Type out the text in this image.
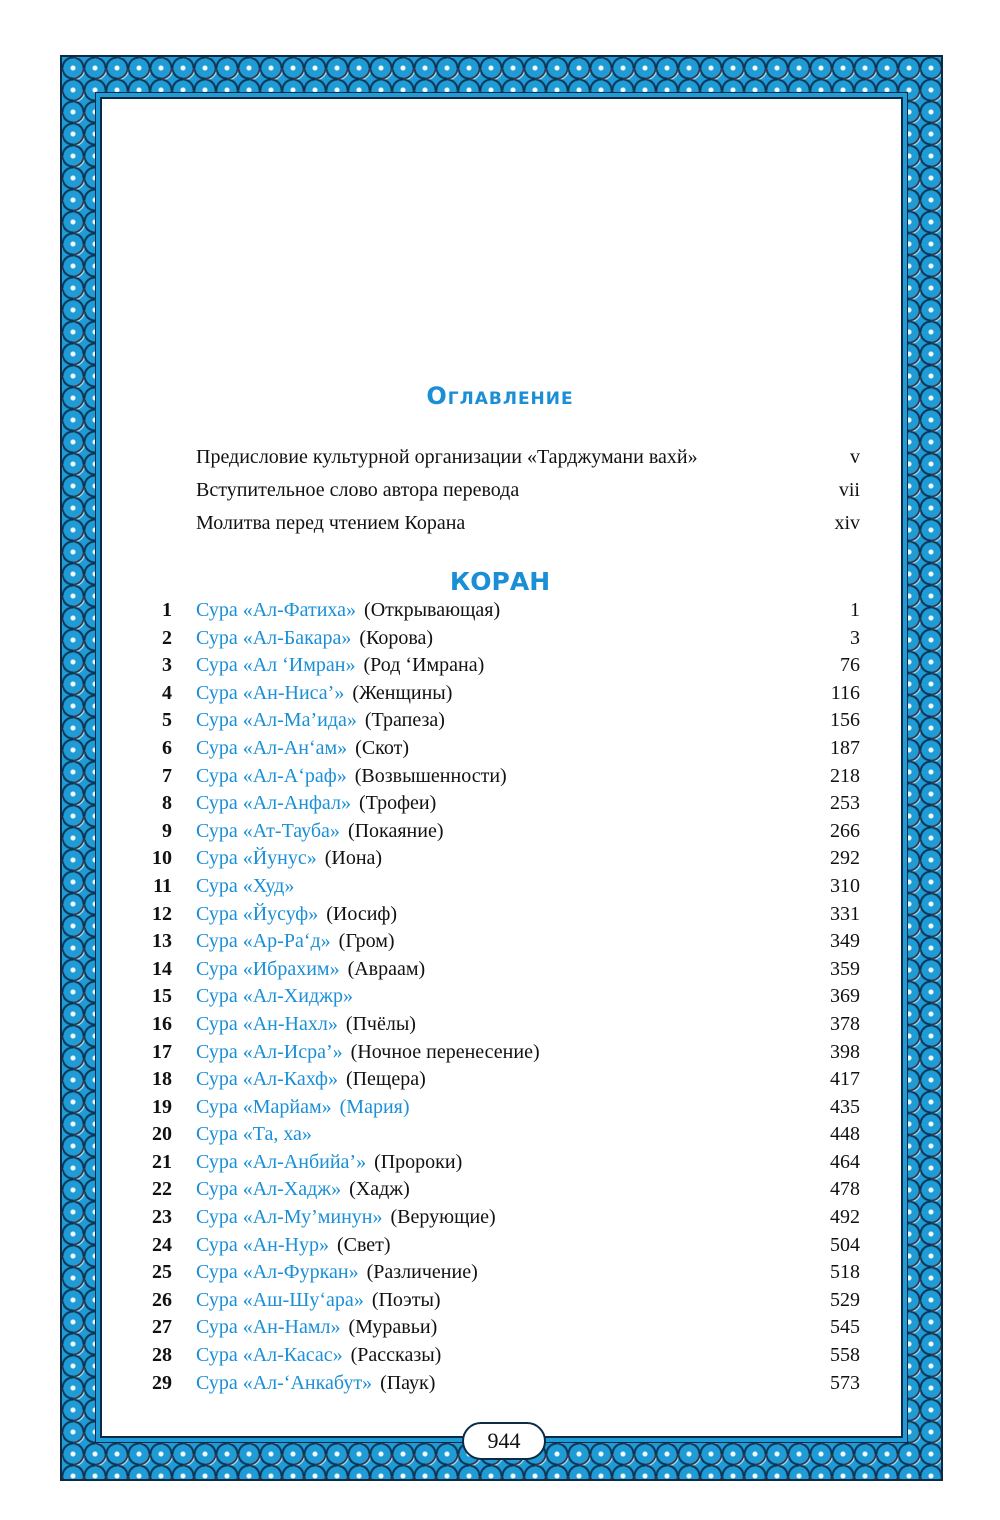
Оглавление
Предисловие культурной организации «Тарджумани вахй»	v
Вступительное слово автора перевода	vii
Молитва перед чтением Корана	xiv
КОРАН
1 Сура «Ал-Фатиха» (Открывающая)	1
2 Сура «Ал-Бакара» (Корова)	3
3 Сура «Ал ‘Имран» (Род ‘Имрана)	76
4 Сура «Ан-Ниса’» (Женщины)	116
5 Сура «Ал-Ма’ида» (Трапеза)	156
6 Сура «Ал-Ан‘ам» (Скот)	187
7 Сура «Ал-А‘раф» (Возвышенности)	218
8 Сура «Ал-Анфал» (Трофеи)	253
9 Сура «Ат-Тауба» (Покаяние)	266
10 Сура «Йунус» (Иона)	292
11 Сура «Худ»	310
12 Сура «Йусуф» (Иосиф)	331
13 Сура «Ар-Ра‘д» (Гром)	349
14 Сура «Ибрахим» (Авраам)	359
15 Сура «Ал-Хиджр»	369
16 Сура «Ан-Нахл» (Пчёлы)	378
17 Сура «Ал-Исра’» (Ночное перенесение)	398
18 Сура «Ал-Кахф» (Пещера)	417
19 Сура «Марйам» (Мария)	435
20 Сура «Та, ха»	448
21 Сура «Ал-Анбийа’» (Пророки)	464
22 Сура «Ал-Хадж» (Хадж)	478
23 Сура «Ал-Му’минун» (Верующие)	492
24 Сура «Ан-Нур» (Свет)	504
25 Сура «Ал-Фуркан» (Различение)	518
26 Сура «Аш-Шу‘ара» (Поэты)	529
27 Сура «Ан-Намл» (Муравьи)	545
28 Сура «Ал-Касас» (Рассказы)	558
29 Сура «Ал-‘Анкабут» (Паук)	573
944
